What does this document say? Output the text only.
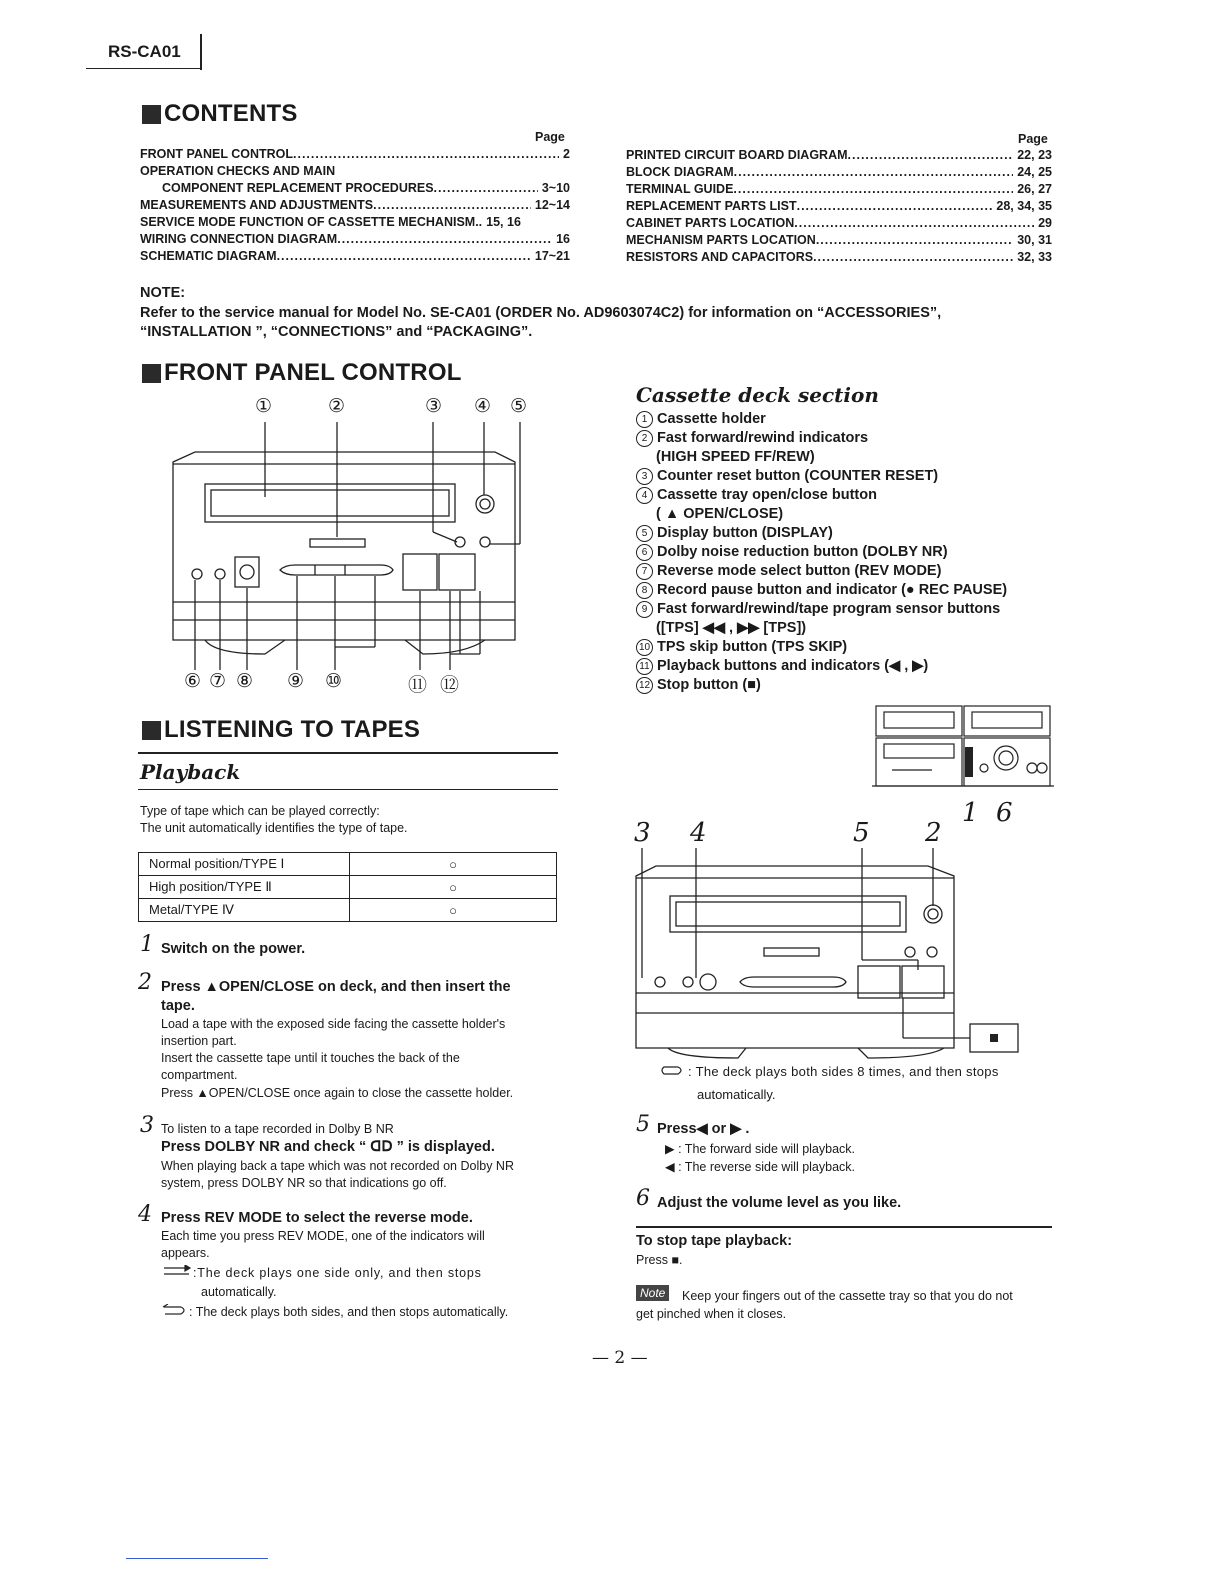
RS-CA01
CONTENTS
Page	Page
FRONT PANEL CONTROL .....	2
OPERATION CHECKS AND MAIN
COMPONENT REPLACEMENT PROCEDURES .....	3~10
MEASUREMENTS AND ADJUSTMENTS .....	12~14
SERVICE MODE FUNCTION OF CASSETTE MECHANISM.. 15, 16
WIRING CONNECTION DIAGRAM .....	16
SCHEMATIC DIAGRAM .....	17~21
PRINTED CIRCUIT BOARD DIAGRAM .....	22, 23
BLOCK DIAGRAM .....	24, 25
TERMINAL GUIDE .....	26, 27
REPLACEMENT PARTS LIST .....	28, 34, 35
CABINET PARTS LOCATION .....	29
MECHANISM PARTS LOCATION .....	30, 31
RESISTORS AND CAPACITORS .....	32, 33
NOTE:
Refer to the service manual for Model No. SE-CA01 (ORDER No. AD9603074C2) for information on “ACCESSORIES”,
“INSTALLATION ”, “CONNECTIONS” and “PACKAGING”.
FRONT PANEL CONTROL
①	②	③ ④ ⑤
⑥ ⑦ ⑧ ⑨ ⑩	⑪ ⑫
Cassette deck section
1 Cassette holder
2 Fast forward/rewind indicators
(HIGH SPEED FF/REW)
3 Counter reset button (COUNTER RESET)
4 Cassette tray open/close button
( ▲ OPEN/CLOSE)
5 Display button (DISPLAY)
6 Dolby noise reduction button (DOLBY NR)
7 Reverse mode select button (REV MODE)
8 Record pause button and indicator (● REC PAUSE)
9 Fast forward/rewind/tape program sensor buttons
([TPS] ◀◀ , ▶▶ [TPS])
10 TPS skip button (TPS SKIP)
11 Playback buttons and indicators (◀ , ▶)
12 Stop button (■)
LISTENING TO TAPES
Playback
Type of tape which can be played correctly:
The unit automatically identifies the type of tape.
Normal position/TYPE Ⅰ	○
High position/TYPE Ⅱ	○
Metal/TYPE Ⅳ	○
1 Switch on the power.
2 Press ▲OPEN/CLOSE on deck, and then insert the
tape.
Load a tape with the exposed side facing the cassette holder's
insertion part.
Insert the cassette tape until it touches the back of the
compartment.
Press ▲OPEN/CLOSE once again to close the cassette holder.
3 To listen to a tape recorded in Dolby B NR
Press DOLBY NR and check “ ᗡᗞ ” is displayed.
When playing back a tape which was not recorded on Dolby NR
system, press DOLBY NR so that indications go off.
4 Press REV MODE to select the reverse mode.
Each time you press REV MODE, one of the indicators will
appears.
:The deck plays one side only, and then stops
automatically.
: The deck plays both sides, and then stops automatically.
1 6
3 4	5 2
: The deck plays both sides 8 times, and then stops
automatically.
5 Press◀ or ▶ .
▶ : The forward side will playback.
◀ : The reverse side will playback.
6 Adjust the volume level as you like.
To stop tape playback:
Press ■.
Note	Keep your fingers out of the cassette tray so that you do not
get pinched when it closes.
— 2 —
